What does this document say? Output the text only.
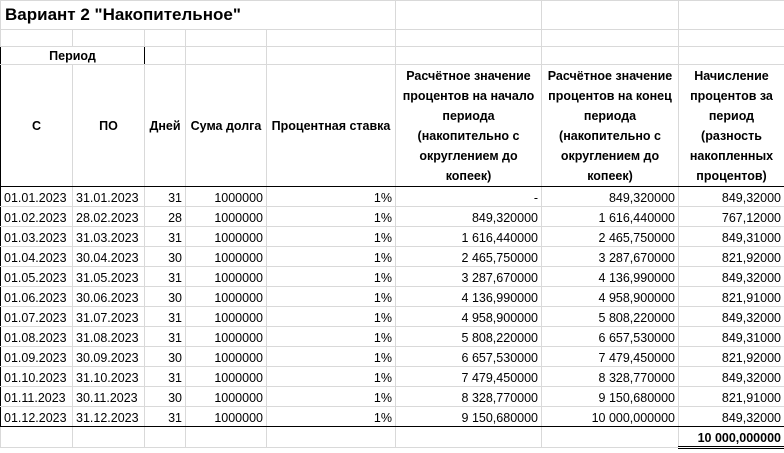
Вариант 2 "Накопительное"							

Период							
С	ПО	Дней	Сума долга	Процентная ставка	Расчётное значение процентов на начало периода (накопительно с округлением до копеек)	Расчётное значение процентов на конец периода (накопительно с округлением до копеек)	Начисление процентов за период (разность накопленных процентов)
01.01.2023	31.01.2023	31	1000000	1%	-	849,320000	849,32000
01.02.2023	28.02.2023	28	1000000	1%	849,320000	1 616,440000	767,12000
01.03.2023	31.03.2023	31	1000000	1%	1 616,440000	2 465,750000	849,31000
01.04.2023	30.04.2023	30	1000000	1%	2 465,750000	3 287,670000	821,92000
01.05.2023	31.05.2023	31	1000000	1%	3 287,670000	4 136,990000	849,32000
01.06.2023	30.06.2023	30	1000000	1%	4 136,990000	4 958,900000	821,91000
01.07.2023	31.07.2023	31	1000000	1%	4 958,900000	5 808,220000	849,32000
01.08.2023	31.08.2023	31	1000000	1%	5 808,220000	6 657,530000	849,31000
01.09.2023	30.09.2023	30	1000000	1%	6 657,530000	7 479,450000	821,92000
01.10.2023	31.10.2023	31	1000000	1%	7 479,450000	8 328,770000	849,32000
01.11.2023	30.11.2023	30	1000000	1%	8 328,770000	9 150,680000	821,91000
01.12.2023	31.12.2023	31	1000000	1%	9 150,680000	10 000,000000	849,32000
							10 000,000000
